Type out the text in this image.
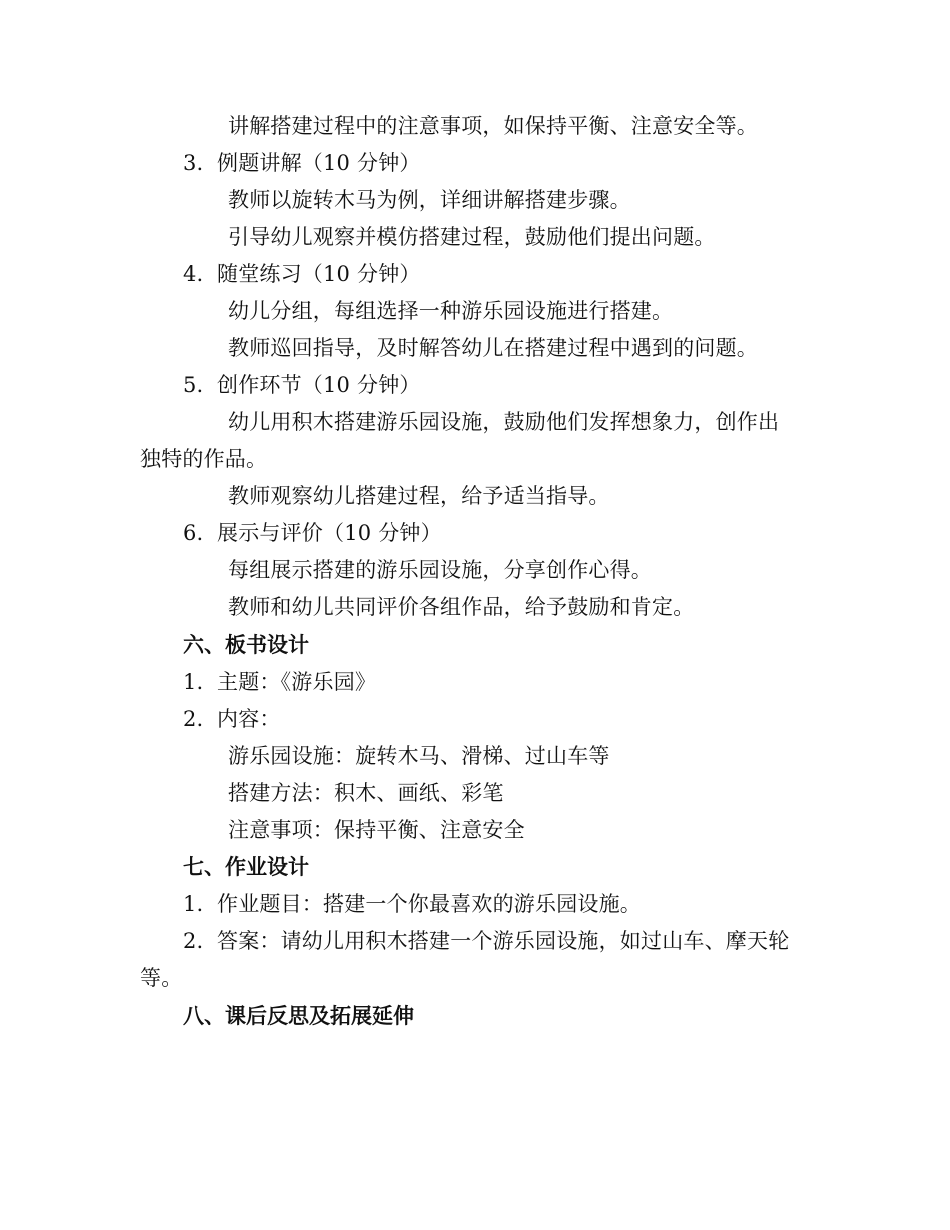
讲解搭建过程中的注意事项，如保持平衡、注意安全等。
3. 例题讲解（10 分钟）
教师以旋转木马为例，详细讲解搭建步骤。
引导幼儿观察并模仿搭建过程，鼓励他们提出问题。
4. 随堂练习（10 分钟）
幼儿分组，每组选择一种游乐园设施进行搭建。
教师巡回指导，及时解答幼儿在搭建过程中遇到的问题。
5. 创作环节（10 分钟）
幼儿用积木搭建游乐园设施，鼓励他们发挥想象力，创作出
独特的作品。
教师观察幼儿搭建过程，给予适当指导。
6. 展示与评价（10 分钟）
每组展示搭建的游乐园设施，分享创作心得。
教师和幼儿共同评价各组作品，给予鼓励和肯定。
六、板书设计
1. 主题：《游乐园》
2. 内容：
游乐园设施：旋转木马、滑梯、过山车等
搭建方法：积木、画纸、彩笔
注意事项：保持平衡、注意安全
七、作业设计
1. 作业题目：搭建一个你最喜欢的游乐园设施。
2. 答案：请幼儿用积木搭建一个游乐园设施，如过山车、摩天轮
等。
八、课后反思及拓展延伸
